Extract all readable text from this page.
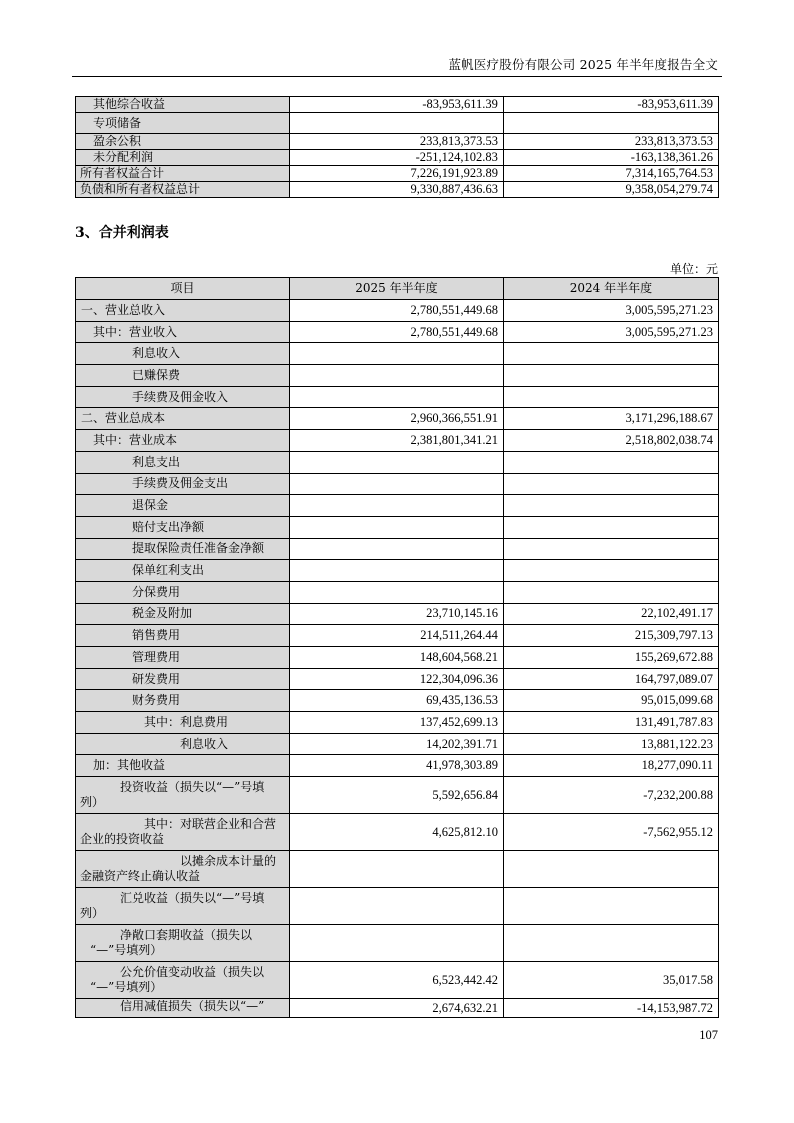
蓝帆医疗股份有限公司 2025 年半年度报告全文
其他综合收益	-83,953,611.39	-83,953,611.39
专项储备		
盈余公积	233,813,373.53	233,813,373.53
未分配利润	-251,124,102.83	-163,138,361.26
所有者权益合计	7,226,191,923.89	7,314,165,764.53
负债和所有者权益总计	9,330,887,436.63	9,358,054,279.74
3、合并利润表
单位：元
项目	2025 年半年度	2024 年半年度
一、营业总收入	2,780,551,449.68	3,005,595,271.23
其中：营业收入	2,780,551,449.68	3,005,595,271.23
利息收入		
已赚保费		
手续费及佣金收入		
二、营业总成本	2,960,366,551.91	3,171,296,188.67
其中：营业成本	2,381,801,341.21	2,518,802,038.74
利息支出		
手续费及佣金支出		
退保金		
赔付支出净额		
提取保险责任准备金净额		
保单红利支出		
分保费用		
税金及附加	23,710,145.16	22,102,491.17
销售费用	214,511,264.44	215,309,797.13
管理费用	148,604,568.21	155,269,672.88
研发费用	122,304,096.36	164,797,089.07
财务费用	69,435,136.53	95,015,099.68
其中：利息费用	137,452,699.13	131,491,787.83
利息收入	14,202,391.71	13,881,122.23
加：其他收益	41,978,303.89	18,277,090.11

投资收益（损失以“—”号填
列）	5,592,656.84	-7,232,200.88

其中：对联营企业和合营
企业的投资收益	4,625,812.10	-7,562,955.12

以摊余成本计量的
金融资产终止确认收益		

汇兑收益（损失以“—”号填
列）		

净敞口套期收益（损失以
“—”号填列）		

公允价值变动收益（损失以
“—”号填列）	6,523,442.42	35,017.58
信用减值损失（损失以“—”	2,674,632.21	-14,153,987.72
107
